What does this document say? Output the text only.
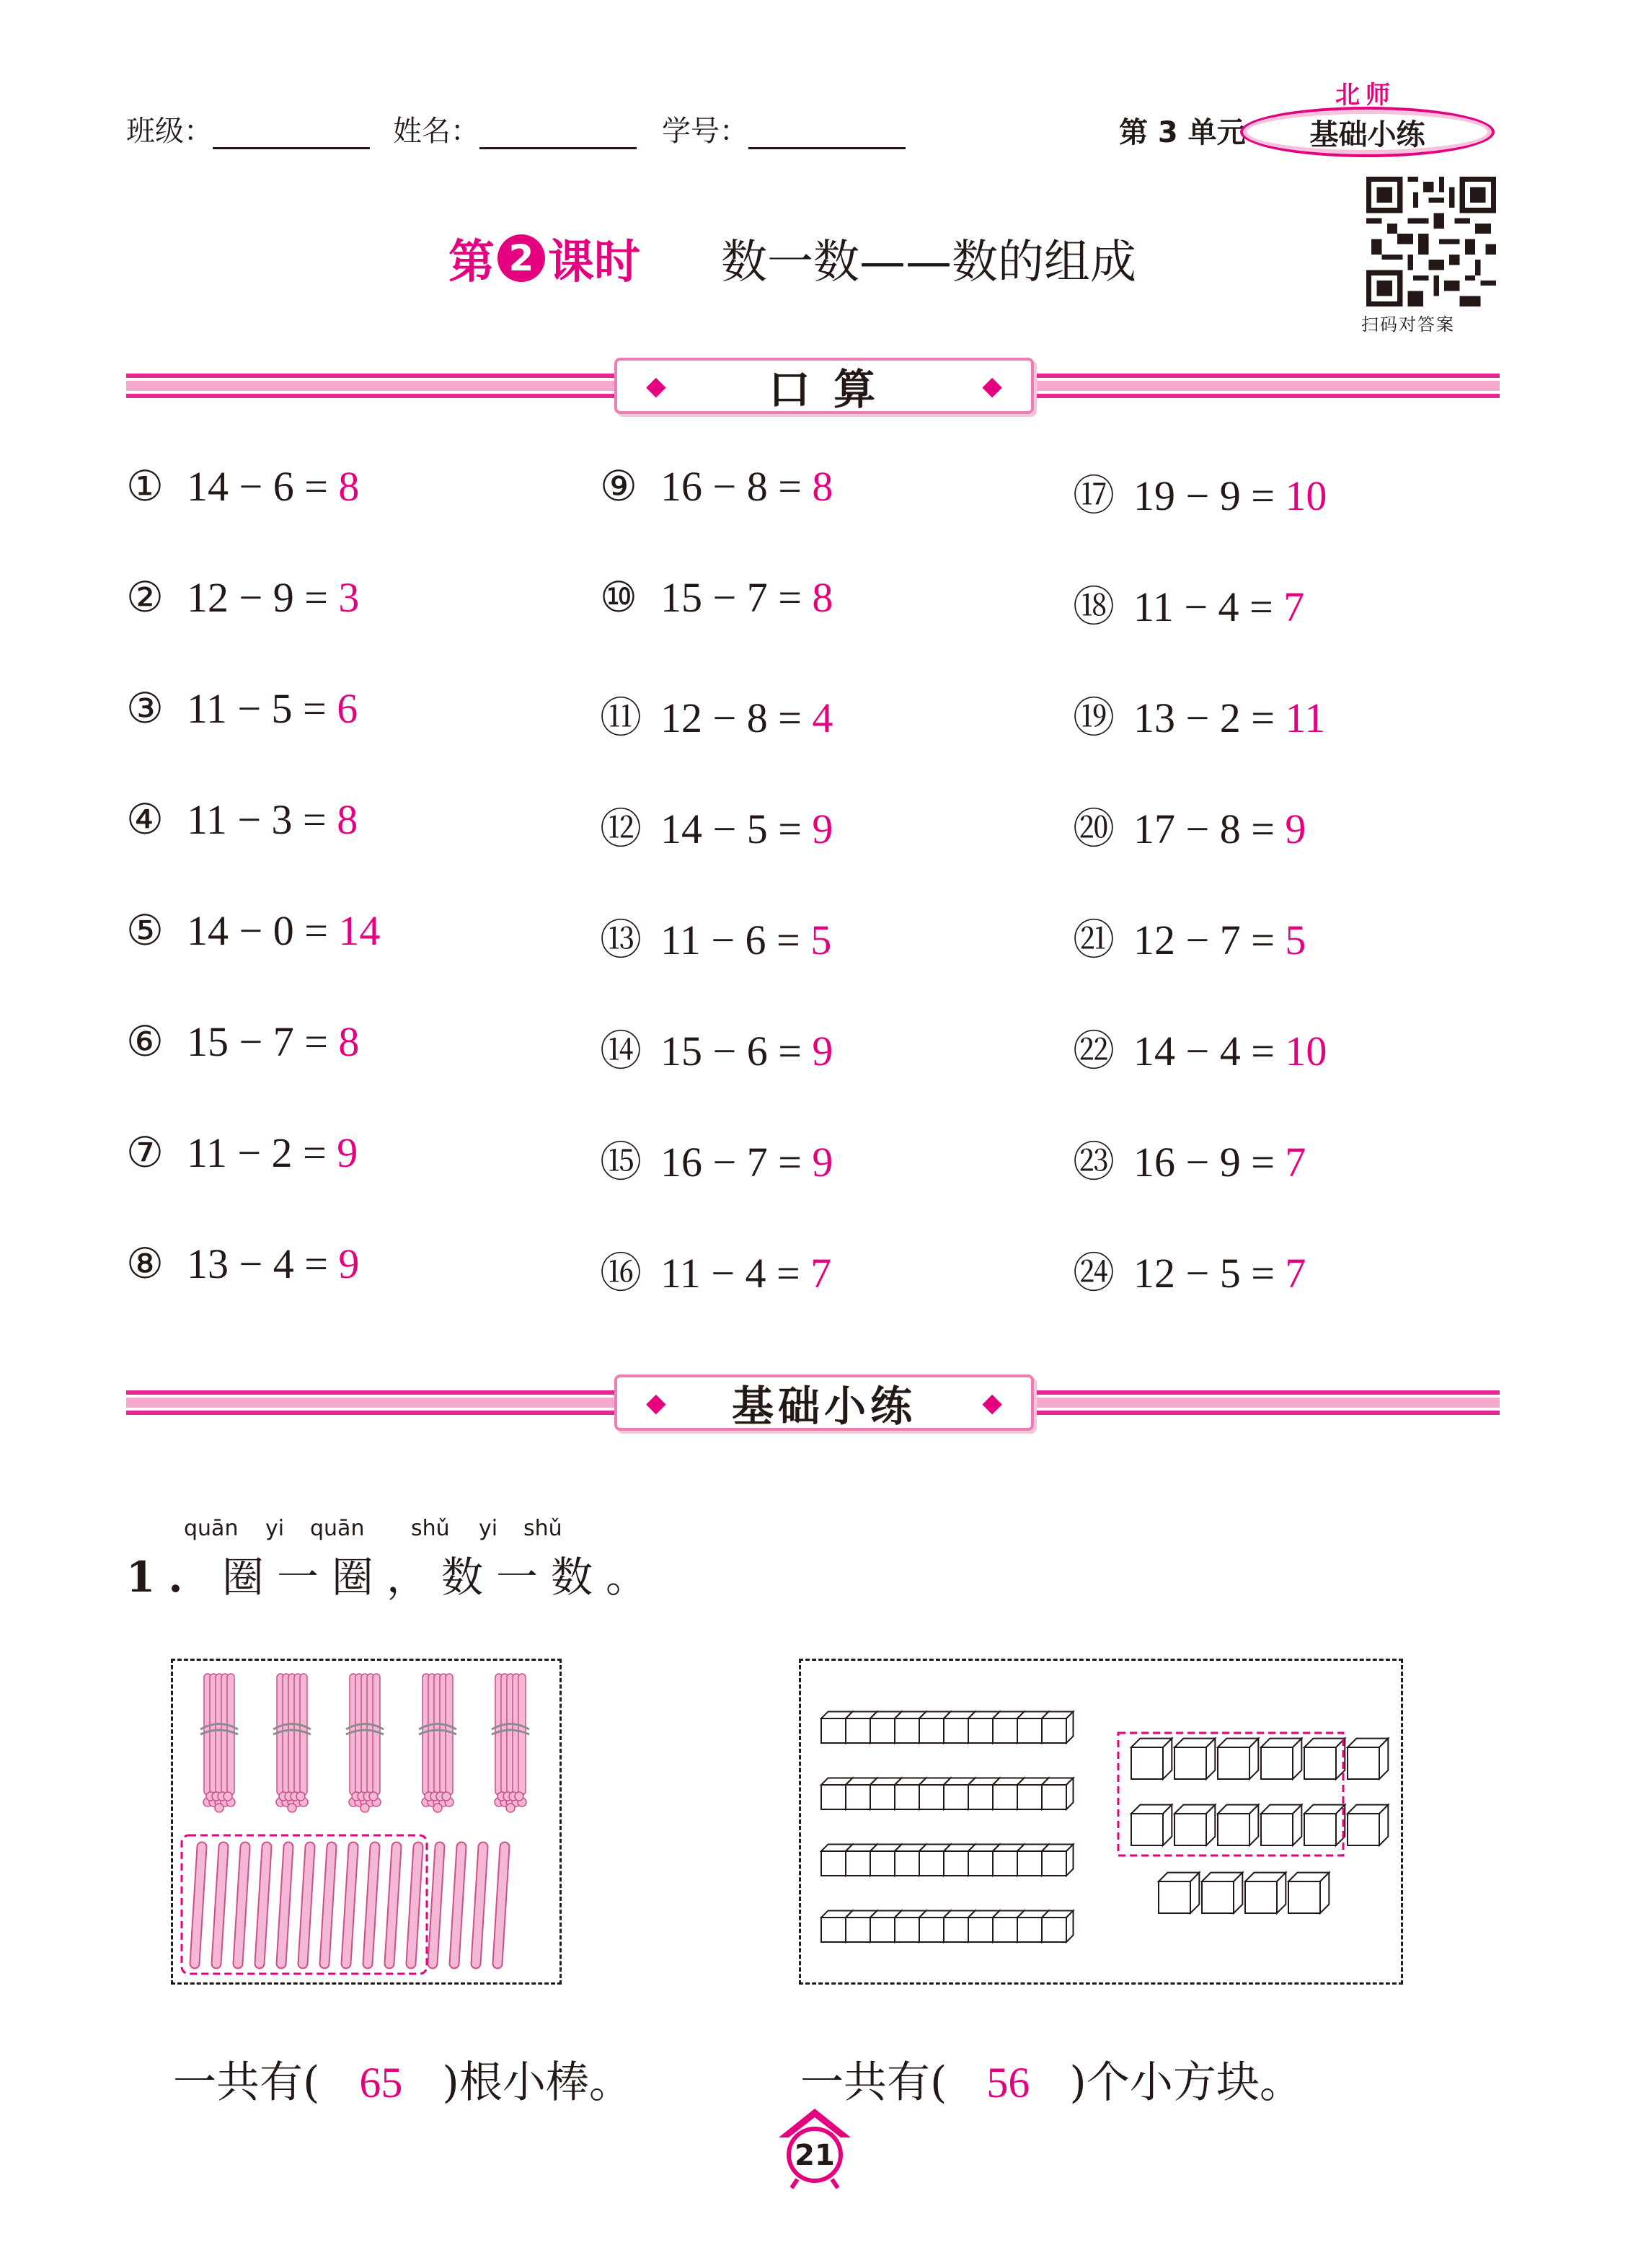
班级：	姓名：	学号：	第 3 单元
北师
基础小练
扫码对答案
第 2 课时 数一数——数的组成
◆ 口 算	◆
① 14 − 6 = 8
② 12 − 9 = 3
③ 11 − 5 = 6
④ 11 − 3 = 8
⑤ 14 − 0 = 14
⑥ 15 − 7 = 8
⑦ 11 − 2 = 9
⑧ 13 − 4 = 9
⑨ 16 − 8 = 8
⑩ 15 − 7 = 8
⑪ 12 − 8 = 4
⑫ 14 − 5 = 9
⑬ 11 − 6 = 5
⑭ 15 − 6 = 9
⑮ 16 − 7 = 9
⑯ 11 − 4 = 7
⑰ 19 − 9 = 10
⑱ 11 − 4 = 7
⑲ 13 − 2 = 11
⑳ 17 − 8 = 9
㉑ 12 − 7 = 5
㉒ 14 − 4 = 10
㉓ 16 − 9 = 7
㉔ 12 − 5 = 7
◆ 基础小练	◆
quān yi quān shǔ yi shǔ
1. 圈一圈，数一数。
一共有( 65 )根小棒。	一共有( 56 )个小方块。
21
